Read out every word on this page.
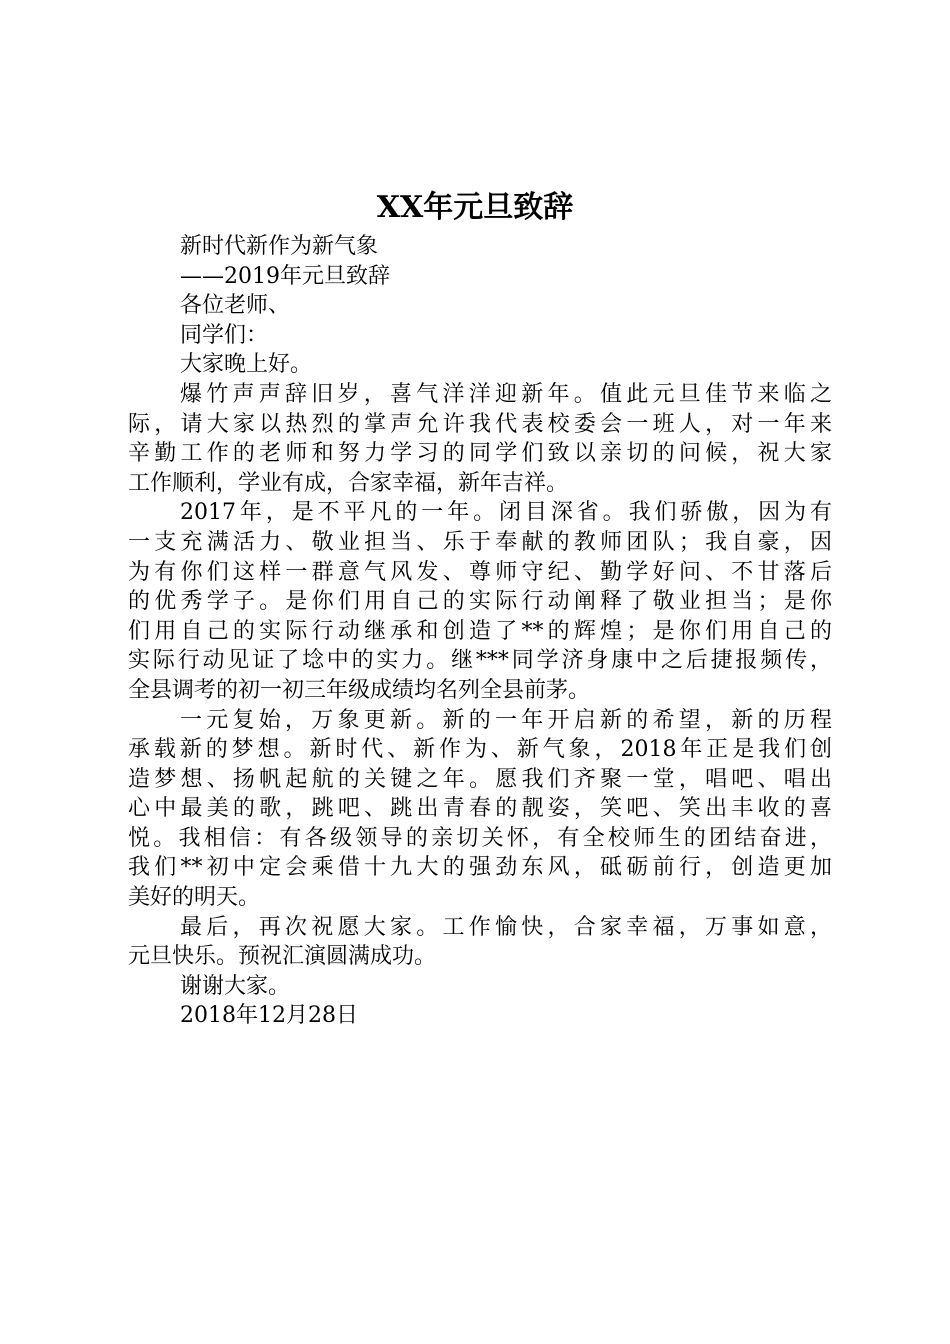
XX年元旦致辞
新时代新作为新气象
——2019年元旦致辞
各位老师、
同学们：
大家晚上好。
爆竹声声辞旧岁，喜气洋洋迎新年。值此元旦佳节来临之
际，请大家以热烈的掌声允许我代表校委会一班人，对一年来
辛勤工作的老师和努力学习的同学们致以亲切的问候，祝大家
工作顺利，学业有成，合家幸福，新年吉祥。
2017年，是不平凡的一年。闭目深省。我们骄傲，因为有
一支充满活力、敬业担当、乐于奉献的教师团队；我自豪，因
为有你们这样一群意气风发、尊师守纪、勤学好问、不甘落后
的优秀学子。是你们用自己的实际行动阐释了敬业担当；是你
们用自己的实际行动继承和创造了**的辉煌；是你们用自己的
实际行动见证了埝中的实力。继***同学济身康中之后捷报频传，
全县调考的初一初三年级成绩均名列全县前茅。
一元复始，万象更新。新的一年开启新的希望，新的历程
承载新的梦想。新时代、新作为、新气象，2018年正是我们创
造梦想、扬帆起航的关键之年。愿我们齐聚一堂，唱吧、唱出
心中最美的歌，跳吧、跳出青春的靓姿，笑吧、笑出丰收的喜
悦。我相信：有各级领导的亲切关怀，有全校师生的团结奋进，
我们**初中定会乘借十九大的强劲东风，砥砺前行，创造更加
美好的明天。
最后，再次祝愿大家。工作愉快，合家幸福，万事如意，
元旦快乐。预祝汇演圆满成功。
谢谢大家。
2018年12月28日
